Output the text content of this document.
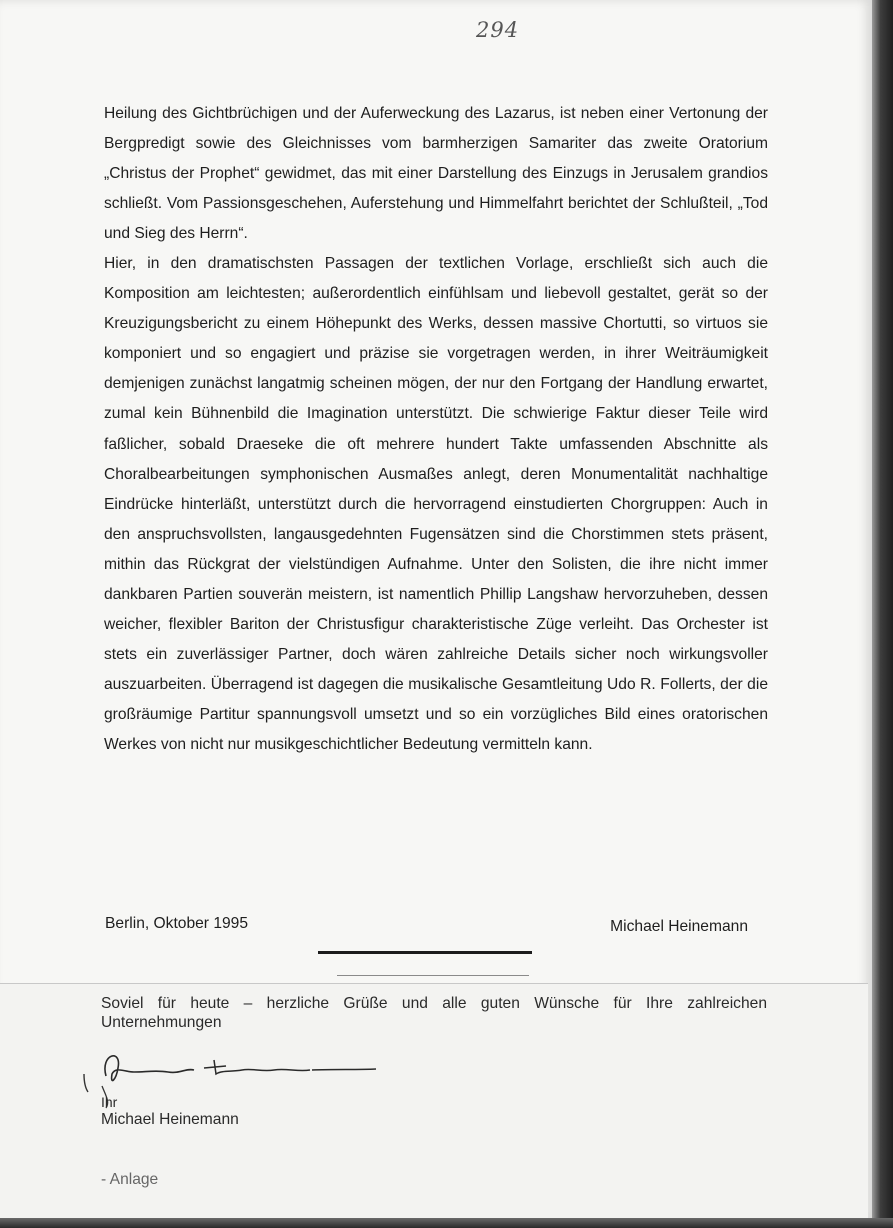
294
Heilung des Gichtbrüchigen und der Auferweckung des Lazarus, ist neben einer Vertonung der Bergpredigt sowie des Gleichnisses vom barmherzigen Samariter das zweite Oratorium „Christus der Prophet“ gewidmet, das mit einer Darstellung des Einzugs in Jerusalem grandios schließt. Vom Passionsgeschehen, Auferstehung und Himmelfahrt berichtet der Schlußteil, „Tod und Sieg des Herrn“.
Hier, in den dramatischsten Passagen der textlichen Vorlage, erschließt sich auch die Komposition am leichtesten; außerordentlich einfühlsam und liebevoll gestaltet, gerät so der Kreuzigungsbericht zu einem Höhepunkt des Werks, dessen massive Chortutti, so virtuos sie komponiert und so engagiert und präzise sie vorgetragen werden, in ihrer Weiträumigkeit demjenigen zunächst langatmig scheinen mögen, der nur den Fortgang der Handlung erwartet, zumal kein Bühnenbild die Imagination unterstützt. Die schwierige Faktur dieser Teile wird faßlicher, sobald Draeseke die oft mehrere hundert Takte umfassenden Abschnitte als Choralbearbeitungen symphonischen Ausmaßes anlegt, deren Monumentalität nachhaltige Eindrücke hinterläßt, unterstützt durch die hervorragend einstudierten Chorgruppen: Auch in den anspruchsvollsten, langausgedehnten Fugensätzen sind die Chorstimmen stets präsent, mithin das Rückgrat der vielstündigen Aufnahme. Unter den Solisten, die ihre nicht immer dankbaren Partien souverän meistern, ist namentlich Phillip Langshaw hervorzuheben, dessen weicher, flexibler Bariton der Christusfigur charakteristische Züge verleiht. Das Orchester ist stets ein zuverlässiger Partner, doch wären zahlreiche Details sicher noch wirkungsvoller auszuarbeiten. Überragend ist dagegen die musikalische Gesamtleitung Udo R. Follerts, der die großräumige Partitur spannungsvoll umsetzt und so ein vorzügliches Bild eines oratorischen Werkes von nicht nur musikgeschichtlicher Bedeutung vermitteln kann.
Berlin, Oktober 1995	Michael Heinemann

Soviel für heute – herzliche Grüße und alle guten Wünsche für Ihre zahlreichen Unternehmungen

Ihr
Michael Heinemann
- Anlage
